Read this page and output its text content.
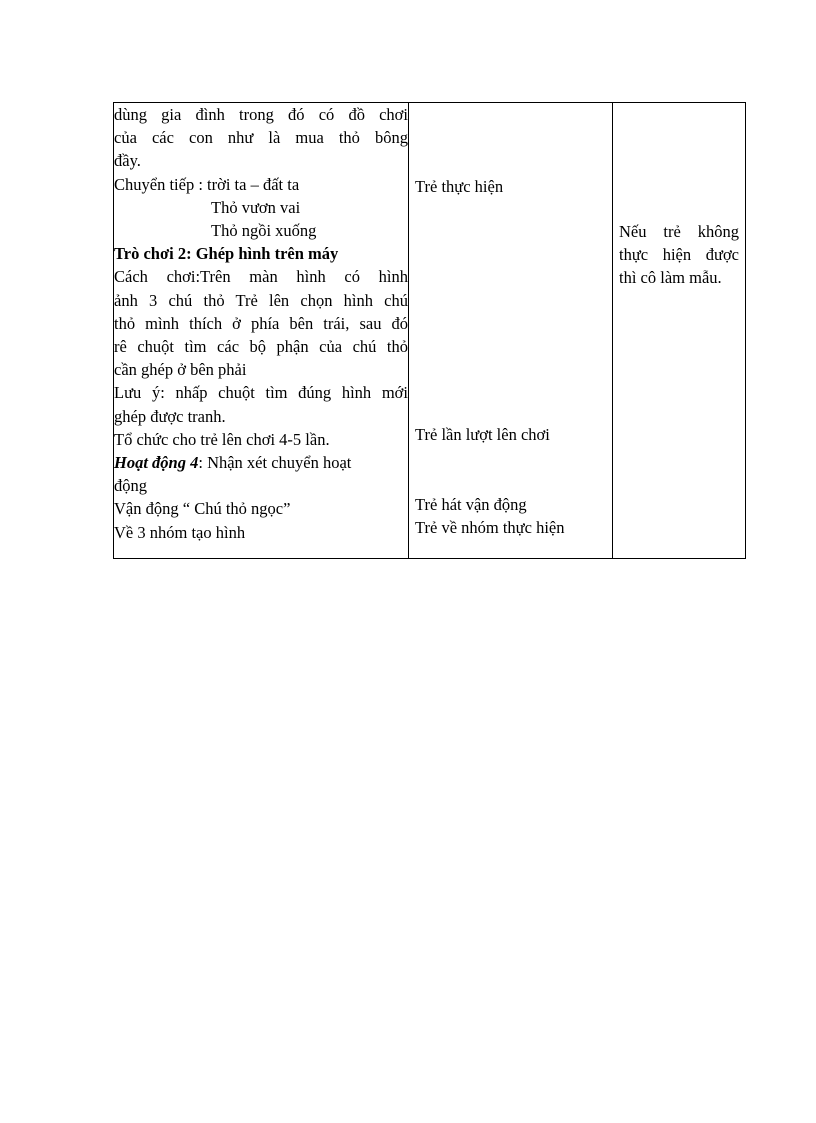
dùng gia đình trong đó có đồ chơi
của các con như là mua thỏ bông
đầy.
Chuyển tiếp : trời ta – đất ta
Thỏ vươn vai
Thỏ ngồi xuống
Trò chơi 2: Ghép hình trên máy
Cách chơi:Trên màn hình có hình
ảnh 3 chú thỏ Trẻ lên chọn hình chú
thỏ mình thích ở phía bên trái, sau đó
rê chuột tìm các bộ phận của chú thỏ
cần ghép ở bên phải
Lưu ý: nhấp chuột tìm đúng hình mới
ghép được tranh.
Tổ chức cho trẻ lên chơi 4-5 lần.
Hoạt động 4: Nhận xét chuyển hoạt
động
Vận động “ Chú thỏ ngọc”
Về 3 nhóm tạo hình

Trẻ thực hiện
Trẻ lần lượt lên chơi
Trẻ hát vận động
Trẻ về nhóm thực hiện

Nếu trẻ không
thực hiện được
thì cô làm mẫu.
